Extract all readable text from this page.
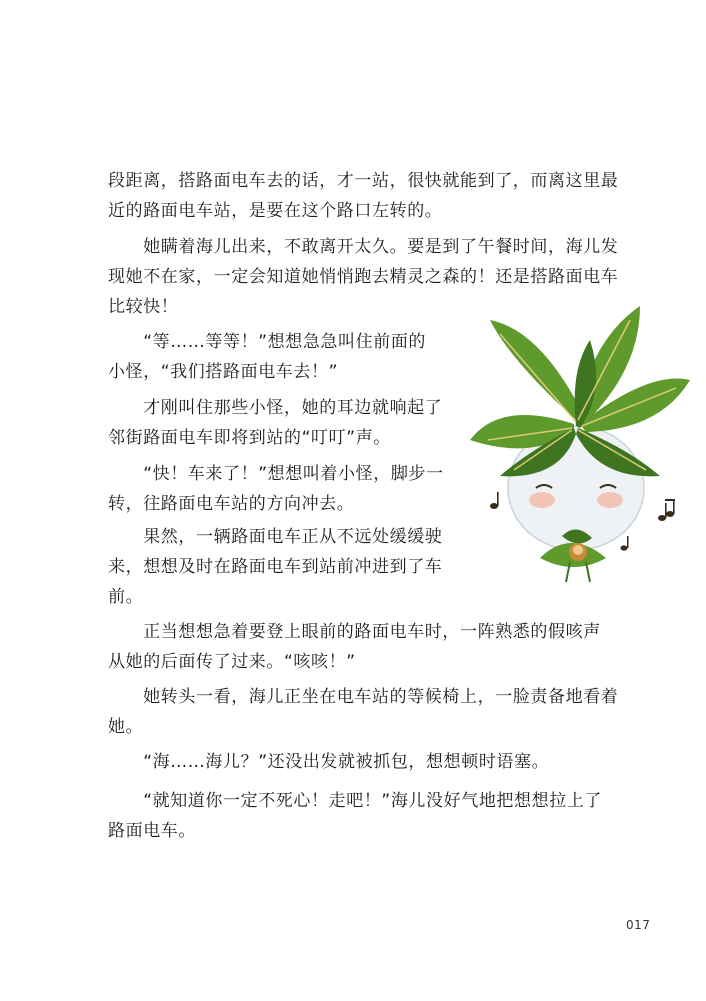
段距离，搭路面电车去的话，才一站，很快就能到了，而离这里最
近的路面电车站，是要在这个路口左转的。

　　她瞒着海儿出来，不敢离开太久。要是到了午餐时间，海儿发
现她不在家，一定会知道她悄悄跑去精灵之森的！还是搭路面电车
比较快！

　　“等……等等！”想想急急叫住前面的
小怪，“我们搭路面电车去！”

　　才刚叫住那些小怪，她的耳边就响起了
邻街路面电车即将到站的“叮叮”声。

　　“快！车来了！”想想叫着小怪，脚步一
转，往路面电车站的方向冲去。

　　果然，一辆路面电车正从不远处缓缓驶
来，想想及时在路面电车到站前冲进到了车
前。

　　正当想想急着要登上眼前的路面电车时，一阵熟悉的假咳声
从她的后面传了过来。“咳咳！”

　　她转头一看，海儿正坐在电车站的等候椅上，一脸责备地看着
她。

　　“海……海儿？”还没出发就被抓包，想想顿时语塞。

　　“就知道你一定不死心！走吧！”海儿没好气地把想想拉上了
路面电车。

017
